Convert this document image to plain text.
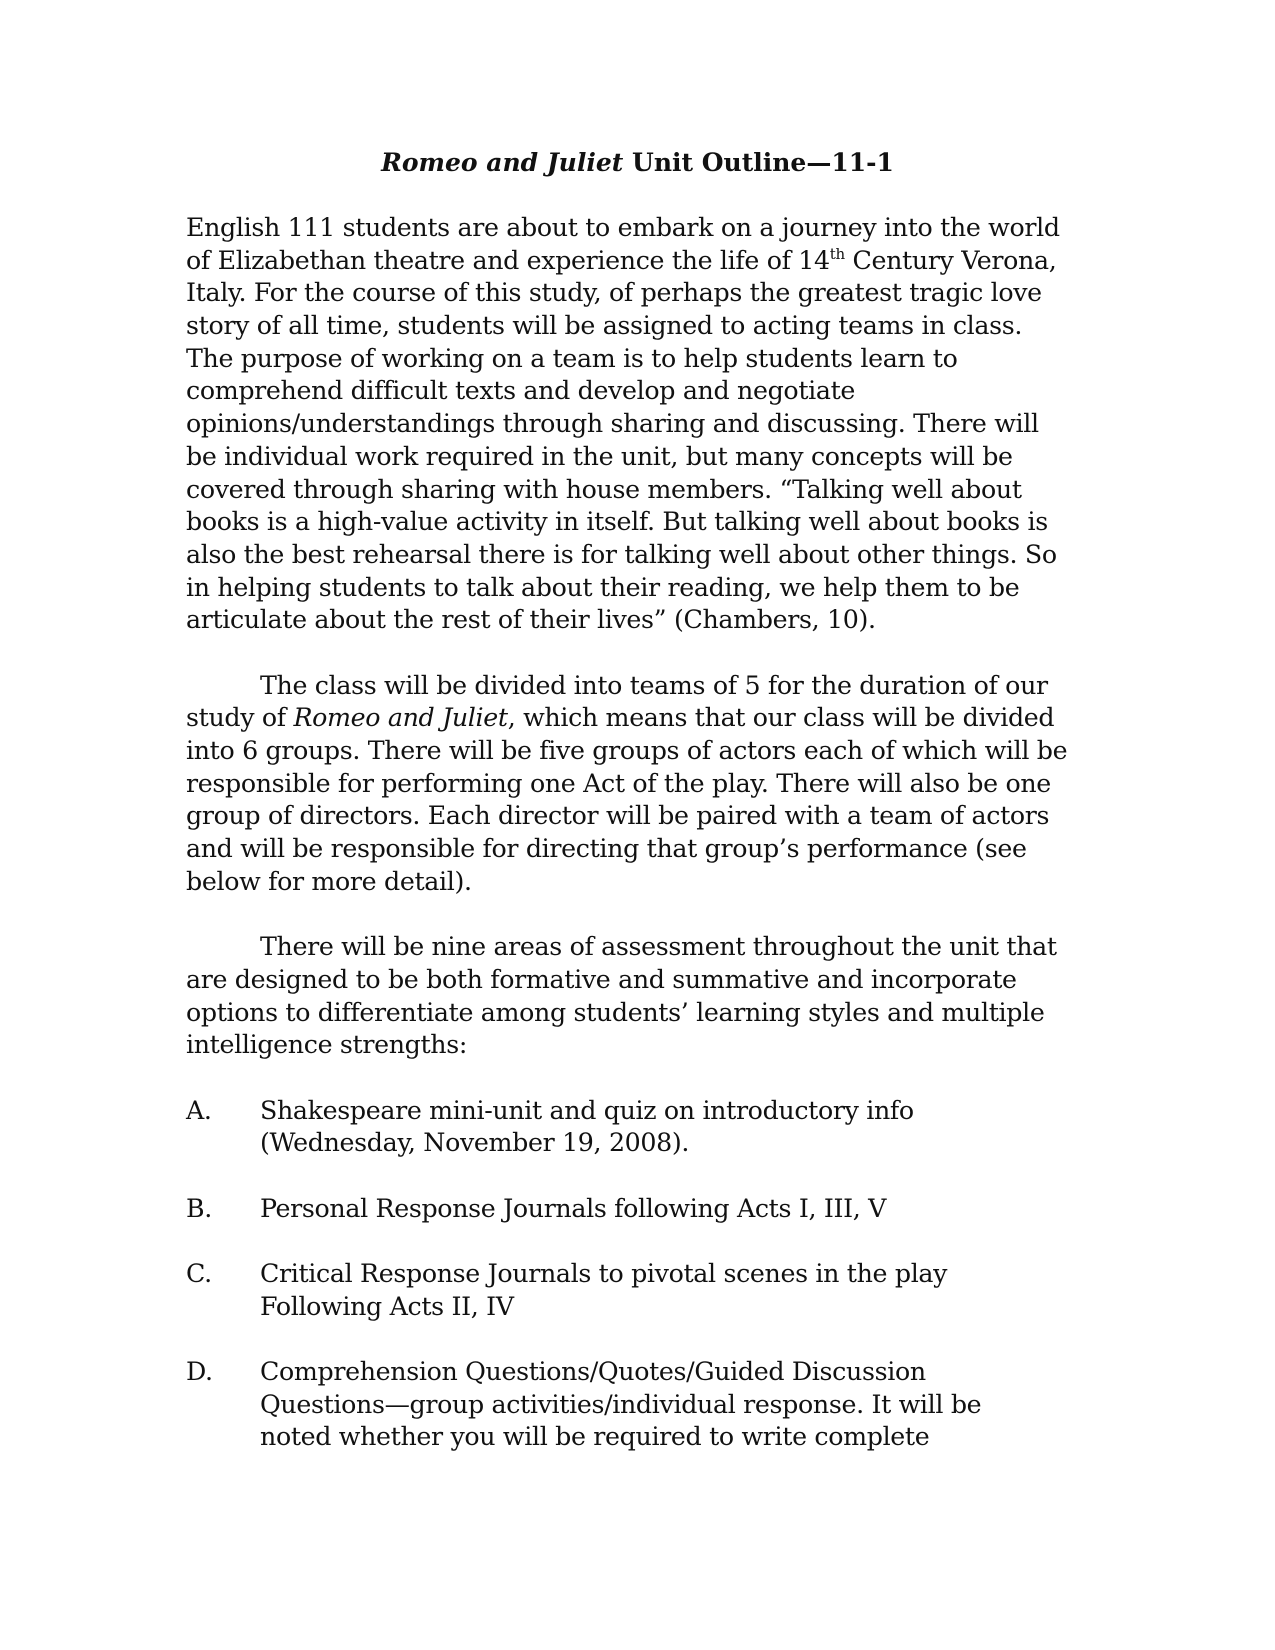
Romeo and Juliet Unit Outline—11-1
English 111 students are about to embark on a journey into the world
of Elizabethan theatre and experience the life of 14th Century Verona,
Italy. For the course of this study, of perhaps the greatest tragic love
story of all time, students will be assigned to acting teams in class.
The purpose of working on a team is to help students learn to
comprehend difficult texts and develop and negotiate
opinions/understandings through sharing and discussing. There will
be individual work required in the unit, but many concepts will be
covered through sharing with house members. “Talking well about
books is a high-value activity in itself. But talking well about books is
also the best rehearsal there is for talking well about other things. So
in helping students to talk about their reading, we help them to be
articulate about the rest of their lives” (Chambers, 10).
The class will be divided into teams of 5 for the duration of our
study of Romeo and Juliet, which means that our class will be divided
into 6 groups. There will be five groups of actors each of which will be
responsible for performing one Act of the play. There will also be one
group of directors. Each director will be paired with a team of actors
and will be responsible for directing that group’s performance (see
below for more detail).
There will be nine areas of assessment throughout the unit that
are designed to be both formative and summative and incorporate
options to differentiate among students’ learning styles and multiple
intelligence strengths:
A.	Shakespeare mini-unit and quiz on introductory info
(Wednesday, November 19, 2008).
B.	Personal Response Journals following Acts I, III, V
C.	Critical Response Journals to pivotal scenes in the play
Following Acts II, IV
D.	Comprehension Questions/Quotes/Guided Discussion
Questions—group activities/individual response. It will be
noted whether you will be required to write complete
